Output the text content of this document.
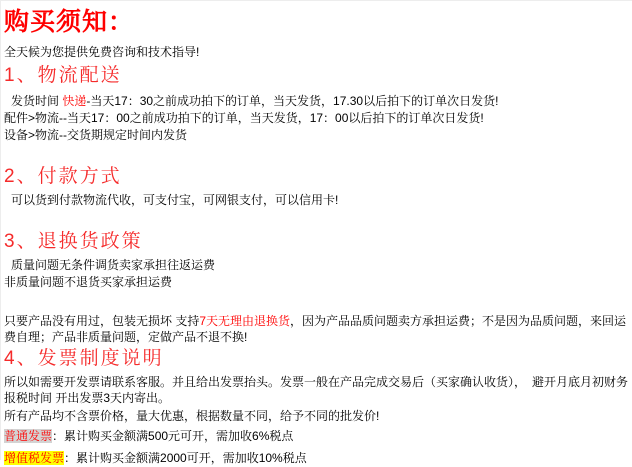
购买须知：
全天候为您提供免费咨询和技术指导!
1、物流配送
发货时间 快递-当天17：30之前成功拍下的订单，当天发货，17.30以后拍下的订单次日发货!
配件>物流--当天17：00之前成功拍下的订单，当天发货，17：00以后拍下的订单次日发货!
设备>物流--交货期规定时间内发货
2、付款方式
可以货到付款物流代收，可支付宝，可网银支付，可以信用卡!
3、退换货政策
质量问题无条件调货卖家承担往返运费
非质量问题不退货买家承担运费
只要产品没有用过，包装无损坏 支持7天无理由退换货，因为产品品质问题卖方承担运费；不是因为品质问题，来回运费自理；产品非质量问题，定做产品不退不换!
4、发票制度说明
所以如需要开发票请联系客服。并且给出发票抬头。发票一般在产品完成交易后（买家确认收货），　避开月底月初财务报税时间 开出发票3天内寄出。
所有产品均不含票价格，量大优惠，根据数量不同，给予不同的批发价!
普通发票：累计购买金额满500元可开，需加收6%税点
增值税发票：累计购买金额满2000可开，需加收10%税点
